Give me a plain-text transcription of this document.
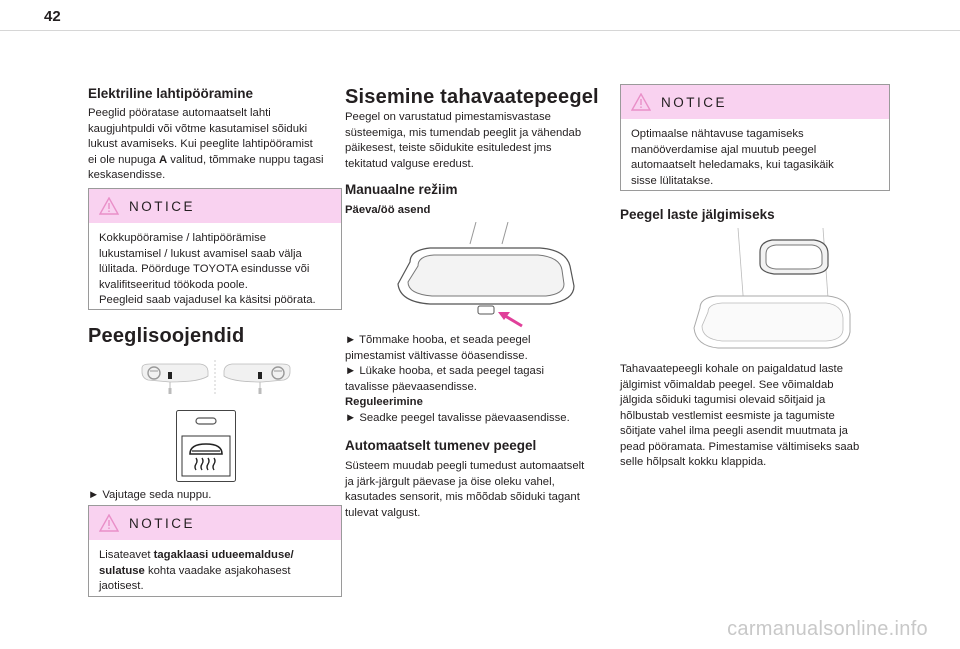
42
Elektriline lahtipööramine

Peeglid pööratase automaatselt lahti

kaugjuhtpuldi või võtme kasutamisel sõiduki

lukust avamiseks. Kui peeglite lahtipööramist

ei ole nupuga A valitud, tõmmake nuppu tagasi

keskasendisse.

NOTICE

Kokkupööramise / lahtipöörämise

lukustamisel / lukust avamisel saab välja

lülitada. Pöörduge TOYOTA esindusse või

kvalifitseeritud töökoda poole.

Peegleid saab vajadusel ka käsitsi pöörata.

Peeglisoojendid
► Vajutage seda nuppu.
NOTICE

Lisateavet tagaklaasi udueemalduse/

sulatuse kohta vaadake asjakohasest

jaotisest.

Sisemine tahavaatepeegel

Peegel on varustatud pimestamisvastase

süsteemiga, mis tumendab peeglit ja vähendab

päikesest, teiste sõidukite esituledest jms

tekitatud valguse eredust.

Manuaalne režiim
Päeva/öö asend

► Tõmmake hooba, et seada peegel

pimestamist vältivasse ööasendisse.

► Lükake hooba, et sada peegel tagasi

tavalisse päevaasendisse.

Reguleerimine

► Seadke peegel tavalisse päevaasendisse.

Automaatselt tumenev peegel

Süsteem muudab peegli tumedust automaatselt

ja järk-järgult päevase ja öise oleku vahel,

kasutades sensorit, mis mõõdab sõiduki tagant

tulevat valgust.

NOTICE

Optimaalse nähtavuse tagamiseks

manööverdamise ajal muutub peegel

automaatselt heledamaks, kui tagasikäik

sisse lülitatakse.

Peegel laste jälgimiseks

Tahavaatepeegli kohale on paigaldatud laste

jälgimist võimaldab peegel. See võimaldab

jälgida sõiduki tagumisi olevaid sõitjaid ja

hõlbustab vestlemist eesmiste ja tagumiste

sõitjate vahel ilma peegli asendit muutmata ja

pead pööramata. Pimestamise vältimiseks saab

selle hõlpsalt kokku klappida.

carmanualsonline.info
